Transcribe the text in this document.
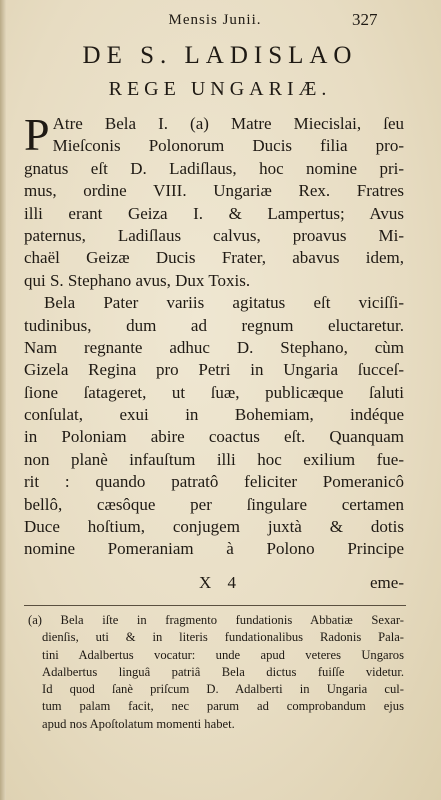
Mensis Junii.	327
DE S. LADISLAO
REGE UNGARIÆ.
P Atre Bela I. (a) Matre Miecislai, ſeu
Mieſconis Polonorum Ducis filia pro-
gnatus eſt D. Ladiſlaus, hoc nomine pri-
mus, ordine VIII. Ungariæ Rex. Fratres
illi erant Geiza I. & Lampertus; Avus
paternus, Ladiſlaus calvus, proavus Mi-
chaël Geizæ Ducis Frater, abavus idem,
qui S. Stephano avus, Dux Toxis.
Bela Pater variis agitatus eſt viciſſi-
tudinibus, dum ad regnum eluctaretur.
Nam regnante adhuc D. Stephano, cùm
Gizela Regina pro Petri in Ungaria ſucceſ-
ſione ſatageret, ut ſuæ, publicæque ſaluti
conſulat, exui in Bohemiam, indéque
in Poloniam abire coactus eſt. Quanquam
non planè infauſtum illi hoc exilium fue-
rit : quando patratô feliciter Pomeranicô
bellô, cæsôque per ſingulare certamen
Duce hoſtium, conjugem juxtà & dotis
nomine Pomeraniam à Polono Principe
X 4	eme-
(a) Bela iſte in fragmento fundationis Abbatiæ Sexar-
dienſis, uti & in literis fundationalibus Radonis Pala-
tini Adalbertus vocatur: unde apud veteres Ungaros
Adalbertus linguâ patriâ Bela dictus fuiſſe videtur.
Id quod ſanè priſcum D. Adalberti in Ungaria cul-
tum palam facit, nec parum ad comprobandum ejus
apud nos Apoſtolatum momenti habet.
